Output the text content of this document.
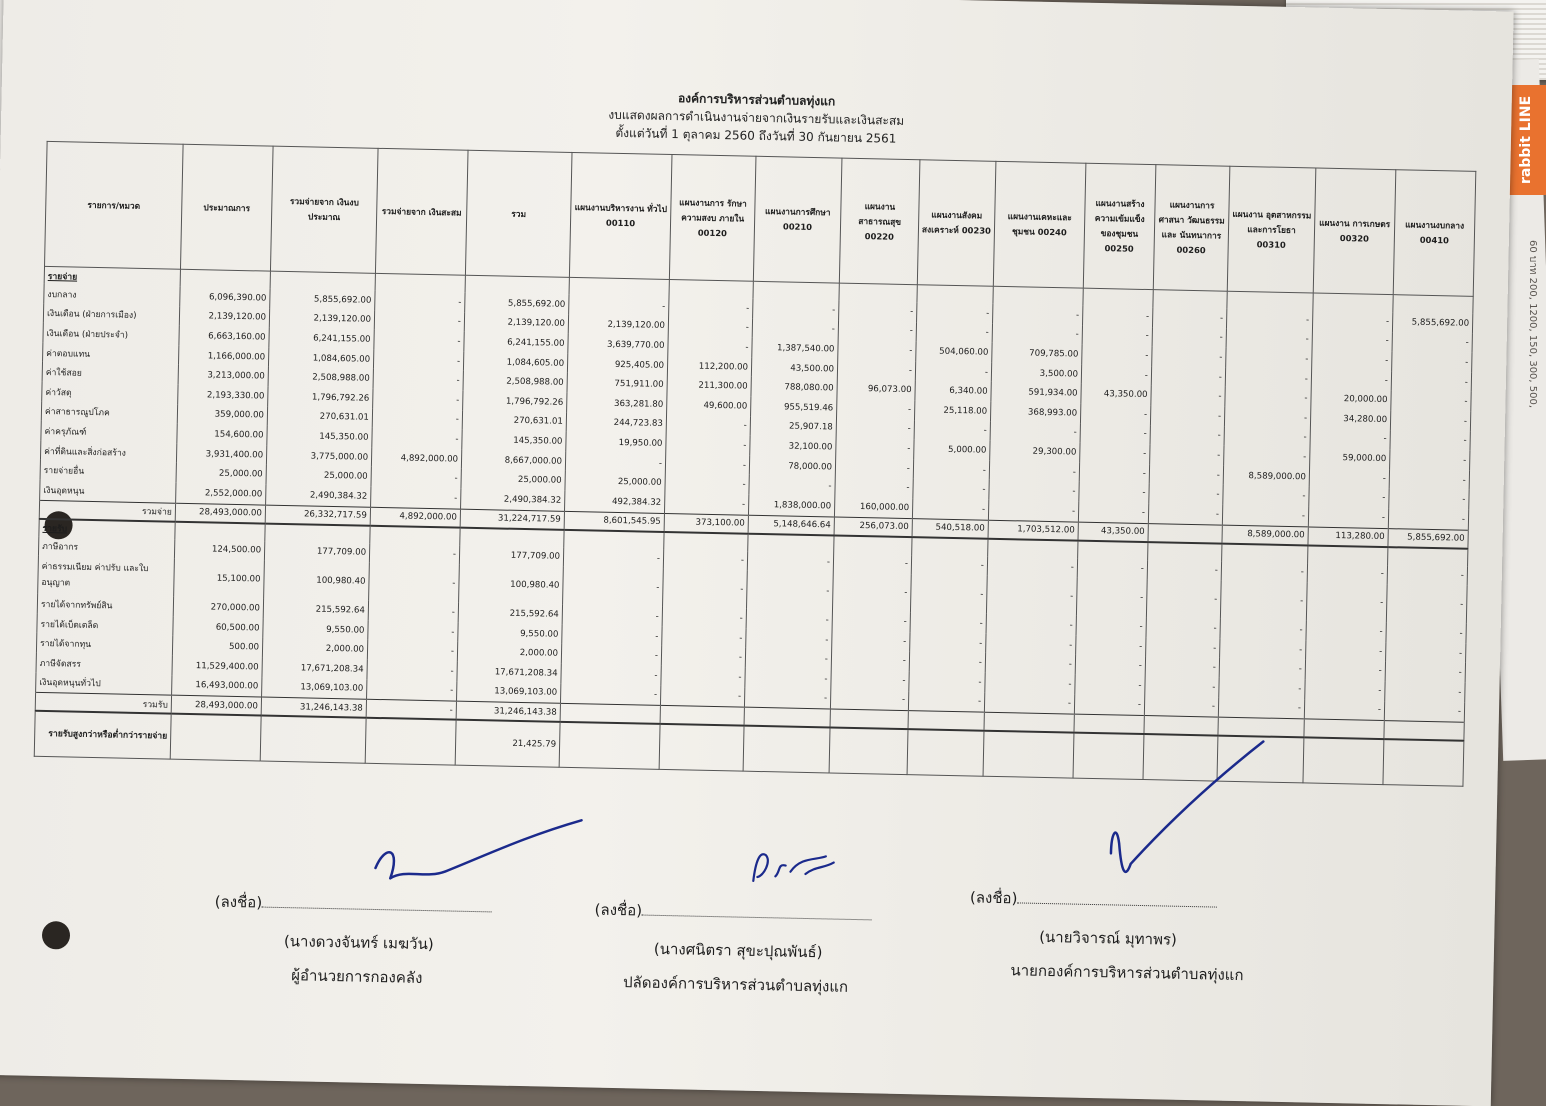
rabbit LINE
60 บาท 200, 1200, 150, 300, 500,
องค์การบริหารส่วนตำบลทุ่งแก
งบแสดงผลการดำเนินงานจ่ายจากเงินรายรับและเงินสะสม
ตั้งแต่วันที่ 1 ตุลาคม 2560 ถึงวันที่ 30 กันยายน 2561
รายการ/หมวด	ประมาณการ	รวมจ่ายจาก เงินงบประมาณ	รวมจ่ายจาก เงินสะสม	รวม	แผนงานบริหารงาน ทั่วไป 00110	แผนงานการ รักษาความสงบ ภายใน 00120	แผนงานการศึกษา 00210	แผนงาน สาธารณสุข 00220	แผนงานสังคม สงเคราะห์ 00230	แผนงานเคหะและ ชุมชน 00240	แผนงานสร้าง ความเข้มแข็ง ของชุมชน 00250	แผนงานการ ศาสนา วัฒนธรรมและ นันทนาการ 00260	แผนงาน อุตสาหกรรม และการโยธา 00310	แผนงาน การเกษตร 00320	แผนงานงบกลาง 00410
รายจ่าย															
งบกลาง	6,096,390.00	5,855,692.00	-	5,855,692.00	-	-	-	-	-	-	-	-	-	-	5,855,692.00
เงินเดือน (ฝ่ายการเมือง)	2,139,120.00	2,139,120.00	-	2,139,120.00	2,139,120.00	-	-	-	-	-	-	-	-	-	-
เงินเดือน (ฝ่ายประจำ)	6,663,160.00	6,241,155.00	-	6,241,155.00	3,639,770.00	-	1,387,540.00	-	504,060.00	709,785.00	-	-	-	-	-
ค่าตอบแทน	1,166,000.00	1,084,605.00	-	1,084,605.00	925,405.00	112,200.00	43,500.00	-	-	3,500.00	-	-	-	-	-
ค่าใช้สอย	3,213,000.00	2,508,988.00	-	2,508,988.00	751,911.00	211,300.00	788,080.00	96,073.00	6,340.00	591,934.00	43,350.00	-	-	20,000.00	-
ค่าวัสดุ	2,193,330.00	1,796,792.26	-	1,796,792.26	363,281.80	49,600.00	955,519.46	-	25,118.00	368,993.00	-	-	-	34,280.00	-
ค่าสาธารณูปโภค	359,000.00	270,631.01	-	270,631.01	244,723.83	-	25,907.18	-	-	-	-	-	-	-	-
ค่าครุภัณฑ์	154,600.00	145,350.00	-	145,350.00	19,950.00	-	32,100.00	-	5,000.00	29,300.00	-	-	-	59,000.00	-
ค่าที่ดินและสิ่งก่อสร้าง	3,931,400.00	3,775,000.00	4,892,000.00	8,667,000.00	-	-	78,000.00	-	-	-	-	-	8,589,000.00	-	-
รายจ่ายอื่น	25,000.00	25,000.00	-	25,000.00	25,000.00	-	-	-	-	-	-	-	-	-	-
เงินอุดหนุน	2,552,000.00	2,490,384.32	-	2,490,384.32	492,384.32	-	1,838,000.00	160,000.00	-	-	-	-	-	-	-
รวมจ่าย	28,493,000.00	26,332,717.59	4,892,000.00	31,224,717.59	8,601,545.95	373,100.00	5,148,646.64	256,073.00	540,518.00	1,703,512.00	43,350.00		8,589,000.00	113,280.00	5,855,692.00
รายรับ															
ภาษีอากร	124,500.00	177,709.00	-	177,709.00	-	-	-	-	-	-	-	-	-	-	-
ค่าธรรมเนียม ค่าปรับ และใบอนุญาต	15,100.00	100,980.40	-	100,980.40	-	-	-	-	-	-	-	-	-	-	-
รายได้จากทรัพย์สิน	270,000.00	215,592.64	-	215,592.64	-	-	-	-	-	-	-	-	-	-	-
รายได้เบ็ดเตล็ด	60,500.00	9,550.00	-	9,550.00	-	-	-	-	-	-	-	-	-	-	-
รายได้จากทุน	500.00	2,000.00	-	2,000.00	-	-	-	-	-	-	-	-	-	-	-
ภาษีจัดสรร	11,529,400.00	17,671,208.34	-	17,671,208.34	-	-	-	-	-	-	-	-	-	-	-
เงินอุดหนุนทั่วไป	16,493,000.00	13,069,103.00	-	13,069,103.00	-	-	-	-	-	-	-	-	-	-	-
รวมรับ	28,493,000.00	31,246,143.38	-	31,246,143.38											
รายรับสูงกว่าหรือต่ำกว่ารายจ่าย				21,425.79											
(ลงชื่อ)
(นางดวงจันทร์ เมฆวัน)
ผู้อำนวยการกองคลัง
(ลงชื่อ)
(นางศนิตรา สุขะปุณพันธ์)
ปลัดองค์การบริหารส่วนตำบลทุ่งแก
(ลงชื่อ)
(นายวิจารณ์ มุทาพร)
นายกองค์การบริหารส่วนตำบลทุ่งแก
